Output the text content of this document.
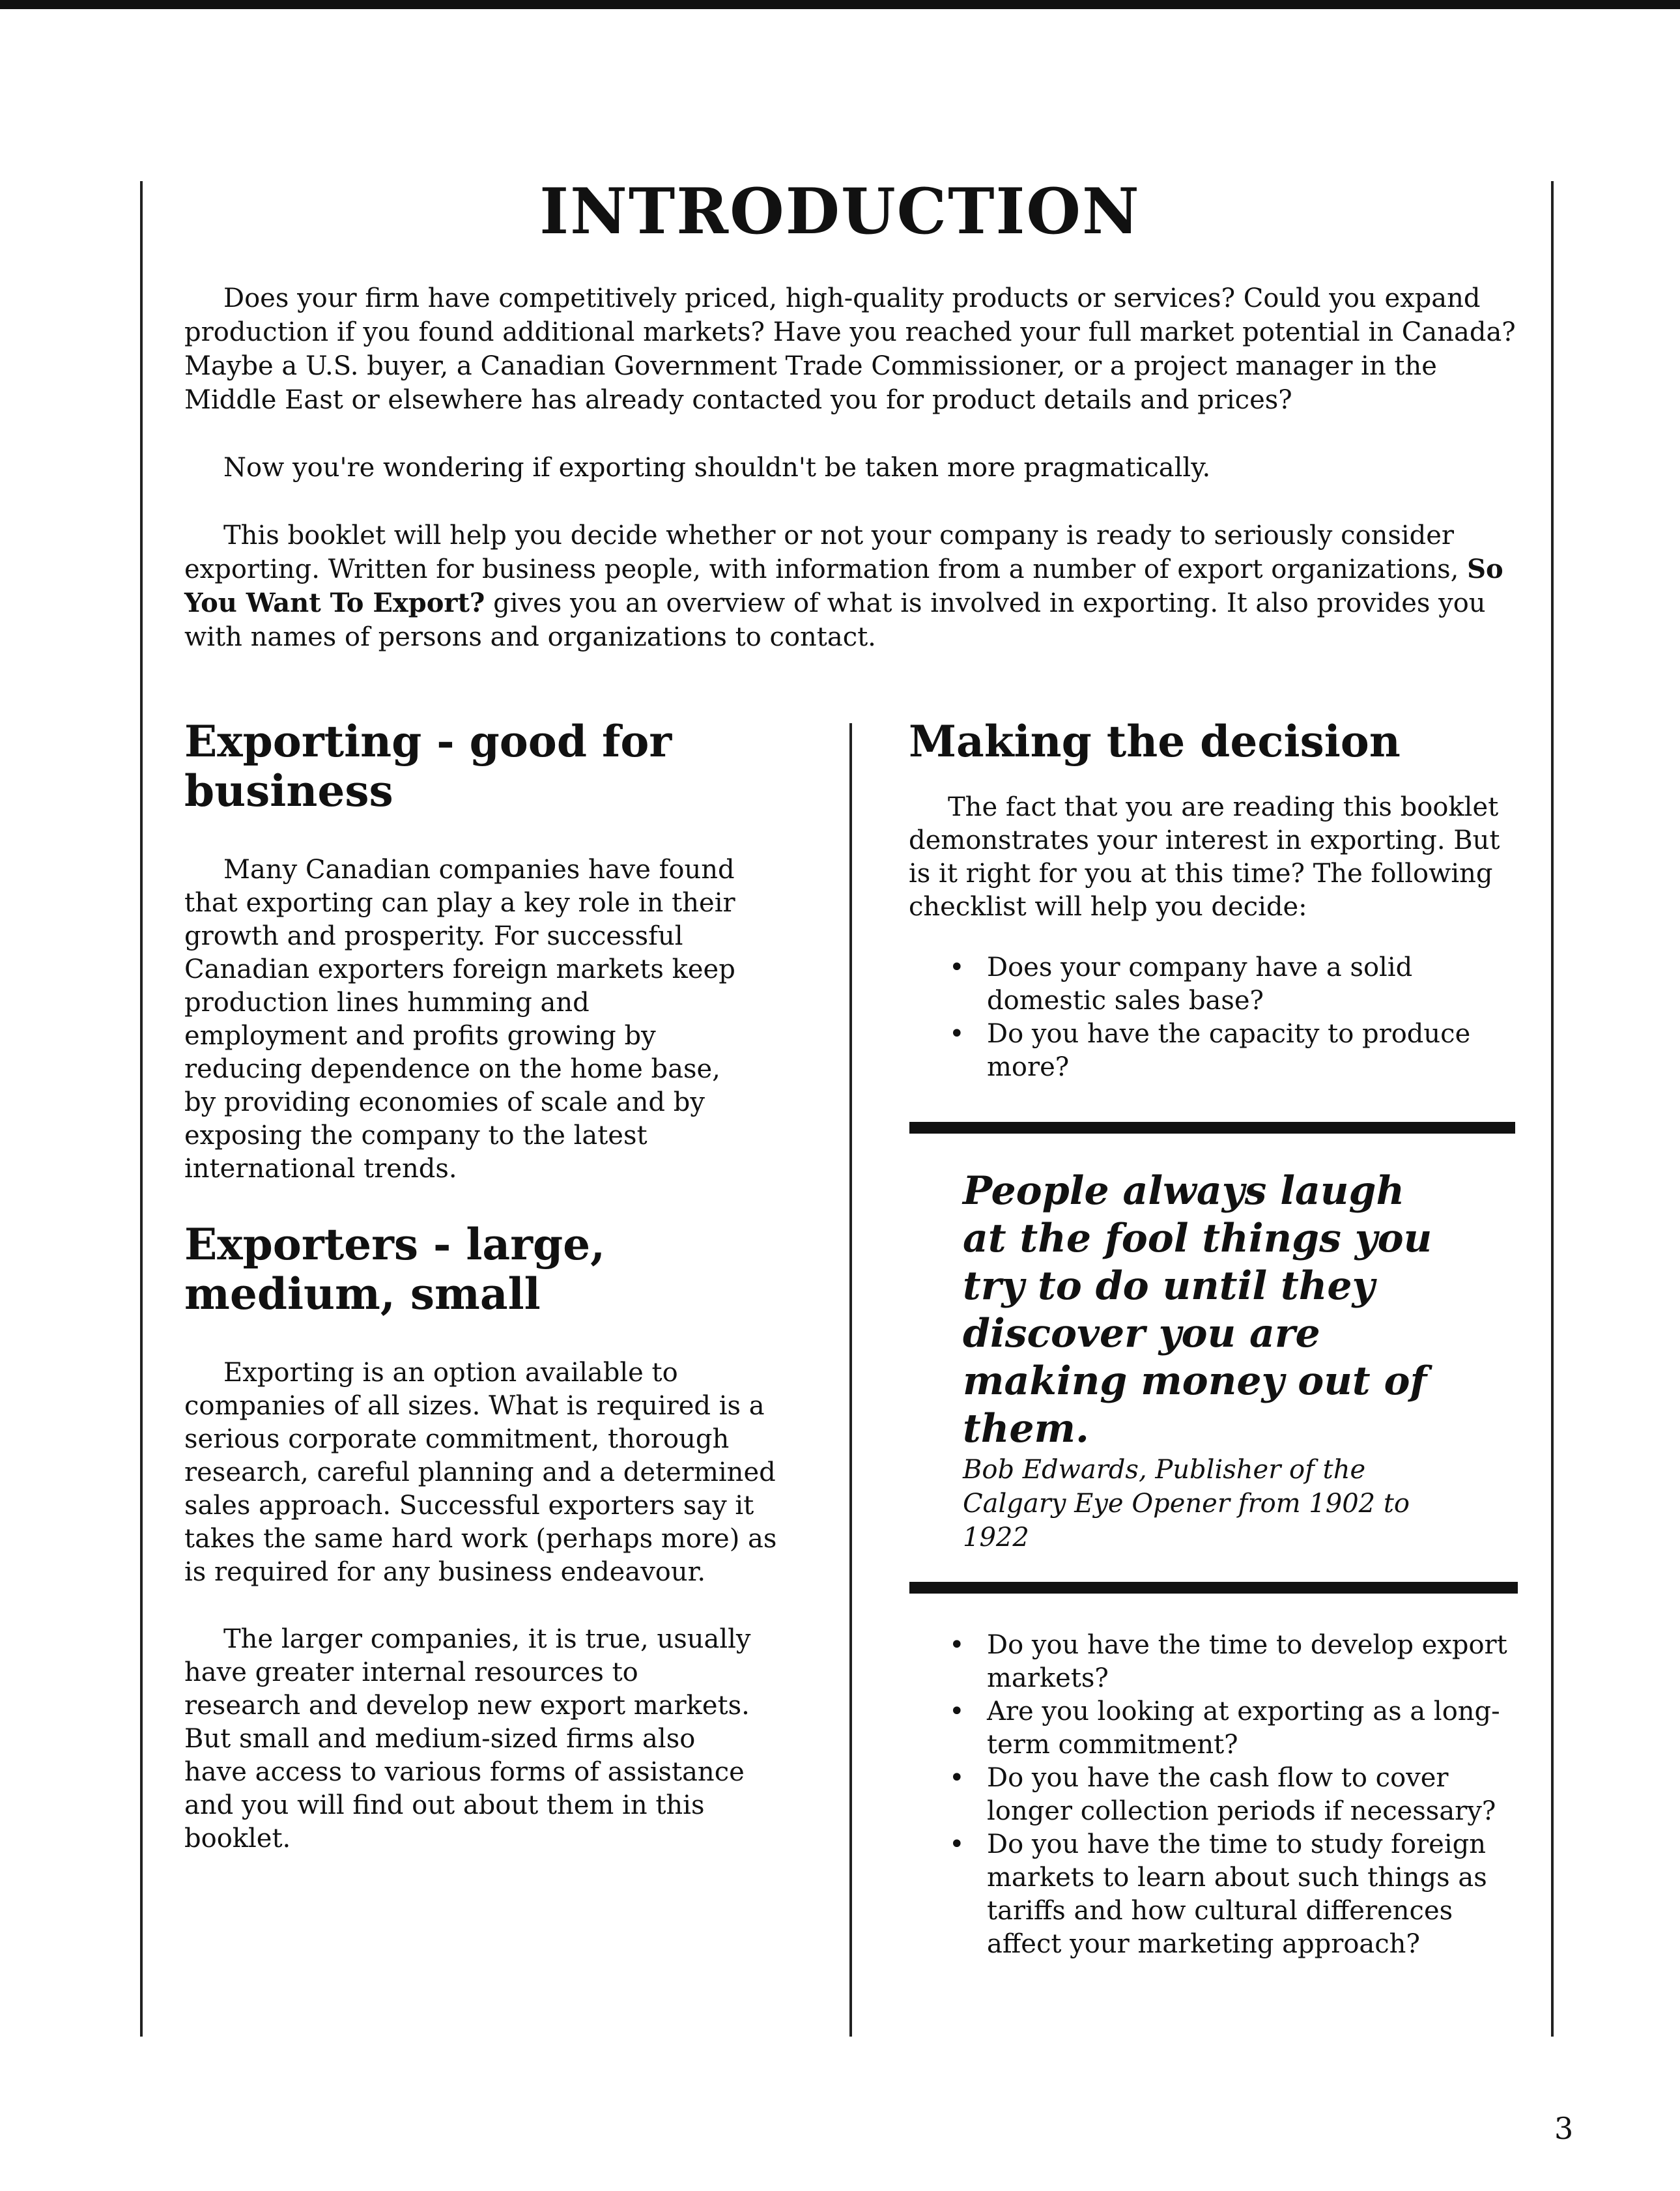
INTRODUCTION

Does your firm have competitively priced, high-quality products or services? Could you expand production if you found additional markets? Have you reached your full market potential in Canada? Maybe a U.S. buyer, a Canadian Government Trade Commissioner, or a project manager in the Middle East or elsewhere has already contacted you for product details and prices?

Now you're wondering if exporting shouldn't be taken more pragmatically.

This booklet will help you decide whether or not your company is ready to seriously consider exporting. Written for business people, with information from a number of export organizations, So You Want To Export? gives you an overview of what is involved in exporting. It also provides you with names of persons and organizations to contact.

Exporting - good for business

Many Canadian companies have found that exporting can play a key role in their growth and prosperity. For successful Canadian exporters foreign markets keep production lines humming and employment and profits growing by reducing dependence on the home base, by providing economies of scale and by exposing the company to the latest international trends.

Exporters - large, medium, small

Exporting is an option available to companies of all sizes. What is required is a serious corporate commitment, thorough research, careful planning and a determined sales approach. Successful exporters say it takes the same hard work (perhaps more) as is required for any business endeavour.

The larger companies, it is true, usually have greater internal resources to research and develop new export markets. But small and medium-sized firms also have access to various forms of assistance and you will find out about them in this booklet.

Making the decision

The fact that you are reading this booklet demonstrates your interest in exporting. But is it right for you at this time? The following checklist will help you decide:

• Does your company have a solid domestic sales base?
• Do you have the capacity to produce more?
People always laugh at the fool things you try to do until they discover you are making money out of them.
Bob Edwards, Publisher of the Calgary Eye Opener from 1902 to 1922
• Do you have the time to develop export markets?
• Are you looking at exporting as a long-term commitment?
• Do you have the cash flow to cover longer collection periods if necessary?
• Do you have the time to study foreign markets to learn about such things as tariffs and how cultural differences affect your marketing approach?
3
